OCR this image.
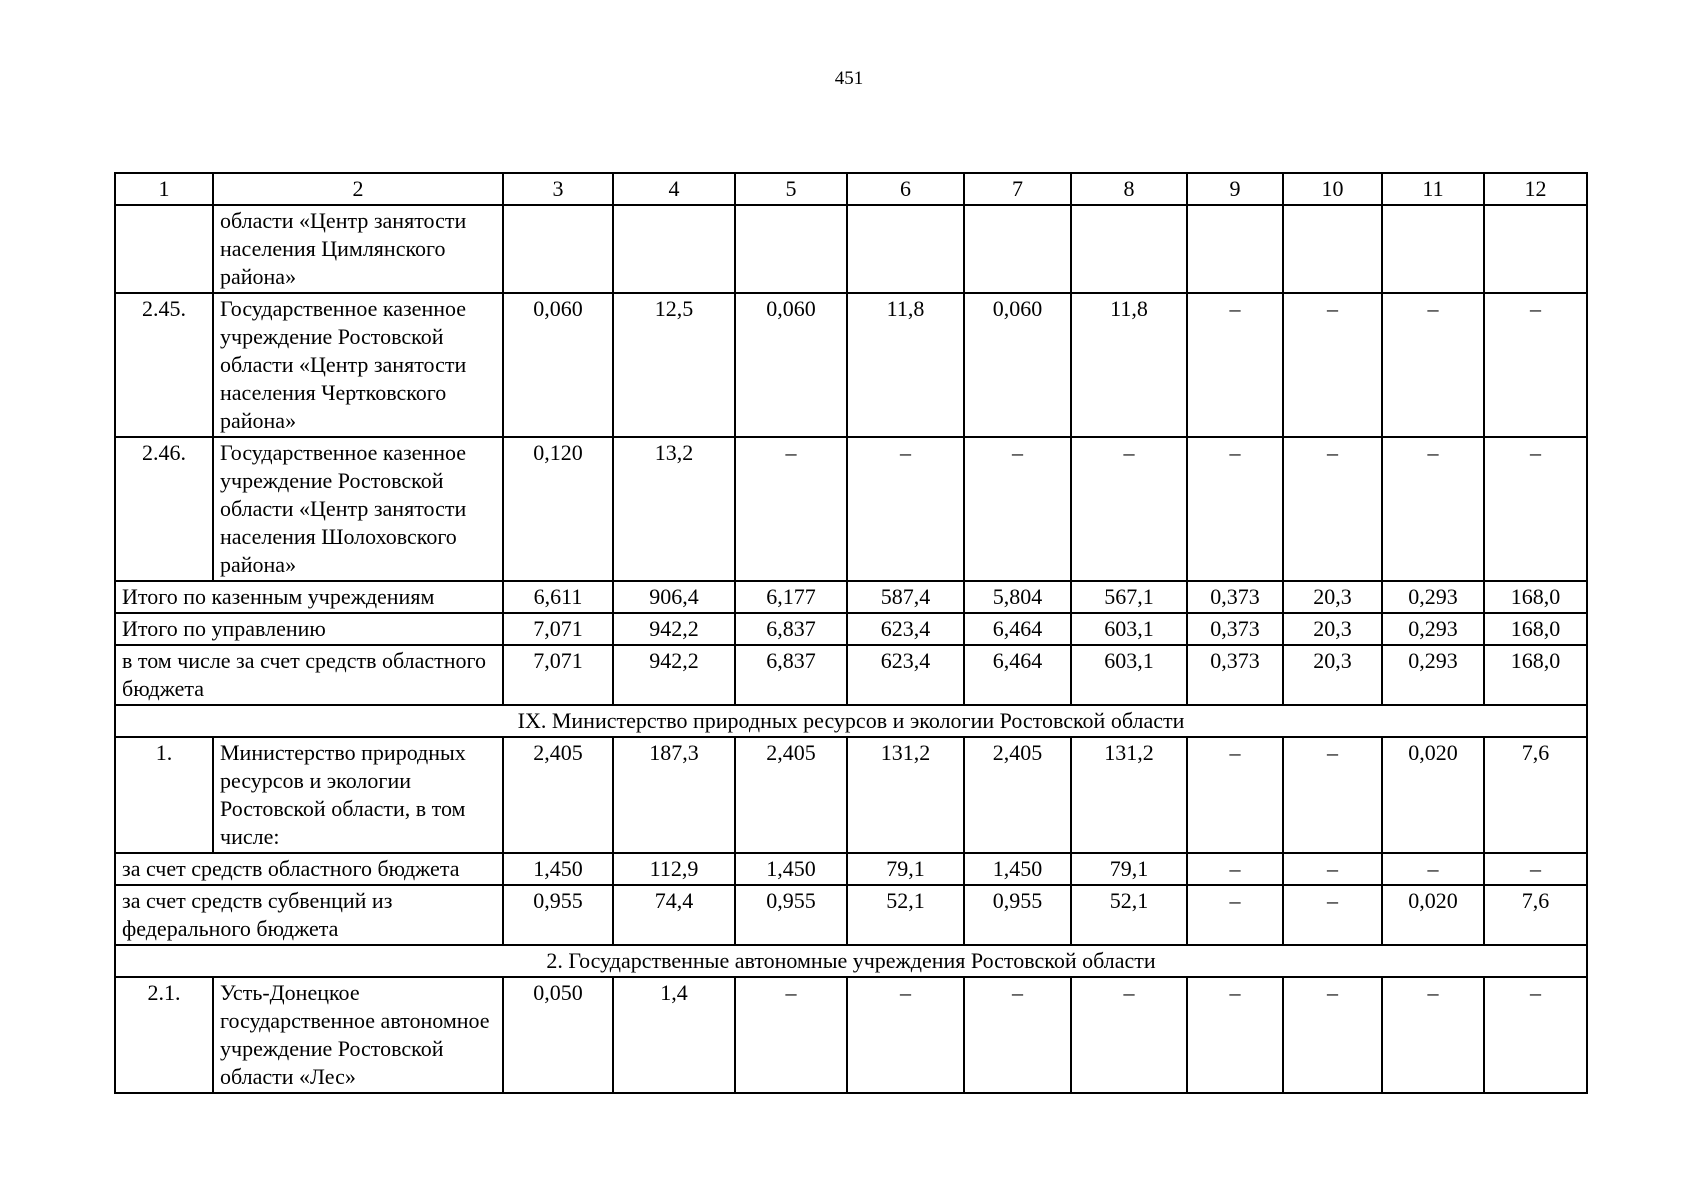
451
1	2	3	4	5	6	7	8	9	10	11	12
	области «Центр занятости населения Цимлянского района»										
2.45.	Государственное казенное учреждение Ростовской области «Центр занятости населения Чертковского района»	0,060	12,5	0,060	11,8	0,060	11,8	–	–	–	–
2.46.	Государственное казенное учреждение Ростовской области «Центр занятости населения Шолоховского района»	0,120	13,2	–	–	–	–	–	–	–	–
Итого по казенным учреждениям		6,611	906,4	6,177	587,4	5,804	567,1	0,373	20,3	0,293	168,0
Итого по управлению		7,071	942,2	6,837	623,4	6,464	603,1	0,373	20,3	0,293	168,0
в том числе за счет средств областного бюджета		7,071	942,2	6,837	623,4	6,464	603,1	0,373	20,3	0,293	168,0
IX. Министерство природных ресурсов и экологии Ростовской области											
1.	Министерство природных ресурсов и экологии Ростовской области, в том числе:	2,405	187,3	2,405	131,2	2,405	131,2	–	–	0,020	7,6
за счет средств областного бюджета		1,450	112,9	1,450	79,1	1,450	79,1	–	–	–	–
за счет средств субвенций из федерального бюджета		0,955	74,4	0,955	52,1	0,955	52,1	–	–	0,020	7,6
2. Государственные автономные учреждения Ростовской области											
2.1.	Усть-Донецкое государственное автономное учреждение Ростовской области «Лес»	0,050	1,4	–	–	–	–	–	–	–	–
